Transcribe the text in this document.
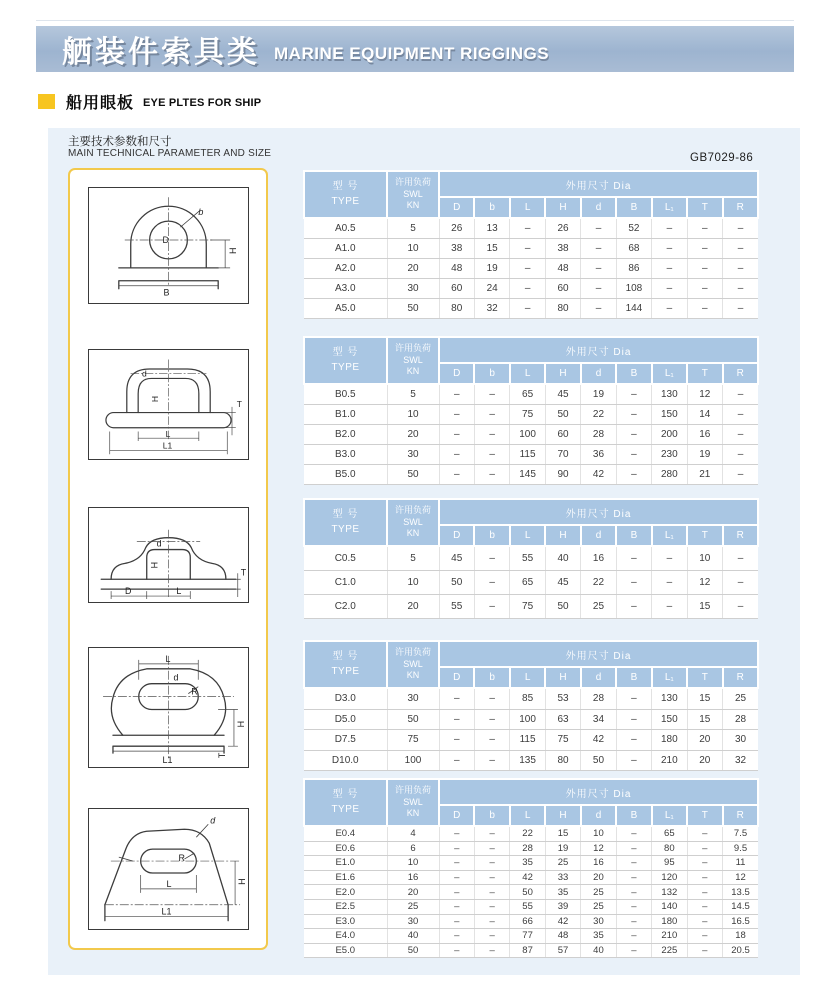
舾装件索具类 MARINE EQUIPMENT RIGGINGS
船用眼板 EYE PLTES FOR SHIP
主要技术参数和尺寸
MAIN TECHNICAL PARAMETER AND SIZE	GB7029-86
D
b
H
B
d
H	T
L
L1
d
H
T
D	L
L
d
R
H
T
L1
d
R
H
L
L1
型 号
TYPE

许用负荷
SWL
KN
	外用尺寸 Dia
		D	b	L	H	d	B	L₁	T	R
A0.5	5	26	13	–	26	–	52	–	–	–
A1.0	10	38	15	–	38	–	68	–	–	–
A2.0	20	48	19	–	48	–	86	–	–	–
A3.0	30	60	24	–	60	–	108	–	–	–
A5.0	50	80	32	–	80	–	144	–	–	–
型 号
TYPE

许用负荷
SWL
KN
	外用尺寸 Dia
		D	b	L	H	d	B	L₁	T	R
B0.5	5	–	–	65	45	19	–	130	12	–
B1.0	10	–	–	75	50	22	–	150	14	–
B2.0	20	–	–	100	60	28	–	200	16	–
B3.0	30	–	–	115	70	36	–	230	19	–
B5.0	50	–	–	145	90	42	–	280	21	–
型 号
TYPE

许用负荷
SWL
KN
	外用尺寸 Dia
		D	b	L	H	d	B	L₁	T	R
C0.5	5	45	–	55	40	16	–	–	10	–
C1.0	10	50	–	65	45	22	–	–	12	–
C2.0	20	55	–	75	50	25	–	–	15	–
型 号
TYPE

许用负荷
SWL
KN
	外用尺寸 Dia
		D	b	L	H	d	B	L₁	T	R
D3.0	30	–	–	85	53	28	–	130	15	25
D5.0	50	–	–	100	63	34	–	150	15	28
D7.5	75	–	–	115	75	42	–	180	20	30
D10.0	100	–	–	135	80	50	–	210	20	32
型 号
TYPE

许用负荷
SWL
KN
	外用尺寸 Dia
		D	b	L	H	d	B	L₁	T	R
E0.4	4	–	–	22	15	10	–	65	–	7.5
E0.6	6	–	–	28	19	12	–	80	–	9.5
E1.0	10	–	–	35	25	16	–	95	–	11
E1.6	16	–	–	42	33	20	–	120	–	12
E2.0	20	–	–	50	35	25	–	132	–	13.5
E2.5	25	–	–	55	39	25	–	140	–	14.5
E3.0	30	–	–	66	42	30	–	180	–	16.5
E4.0	40	–	–	77	48	35	–	210	–	18
E5.0	50	–	–	87	57	40	–	225	–	20.5
